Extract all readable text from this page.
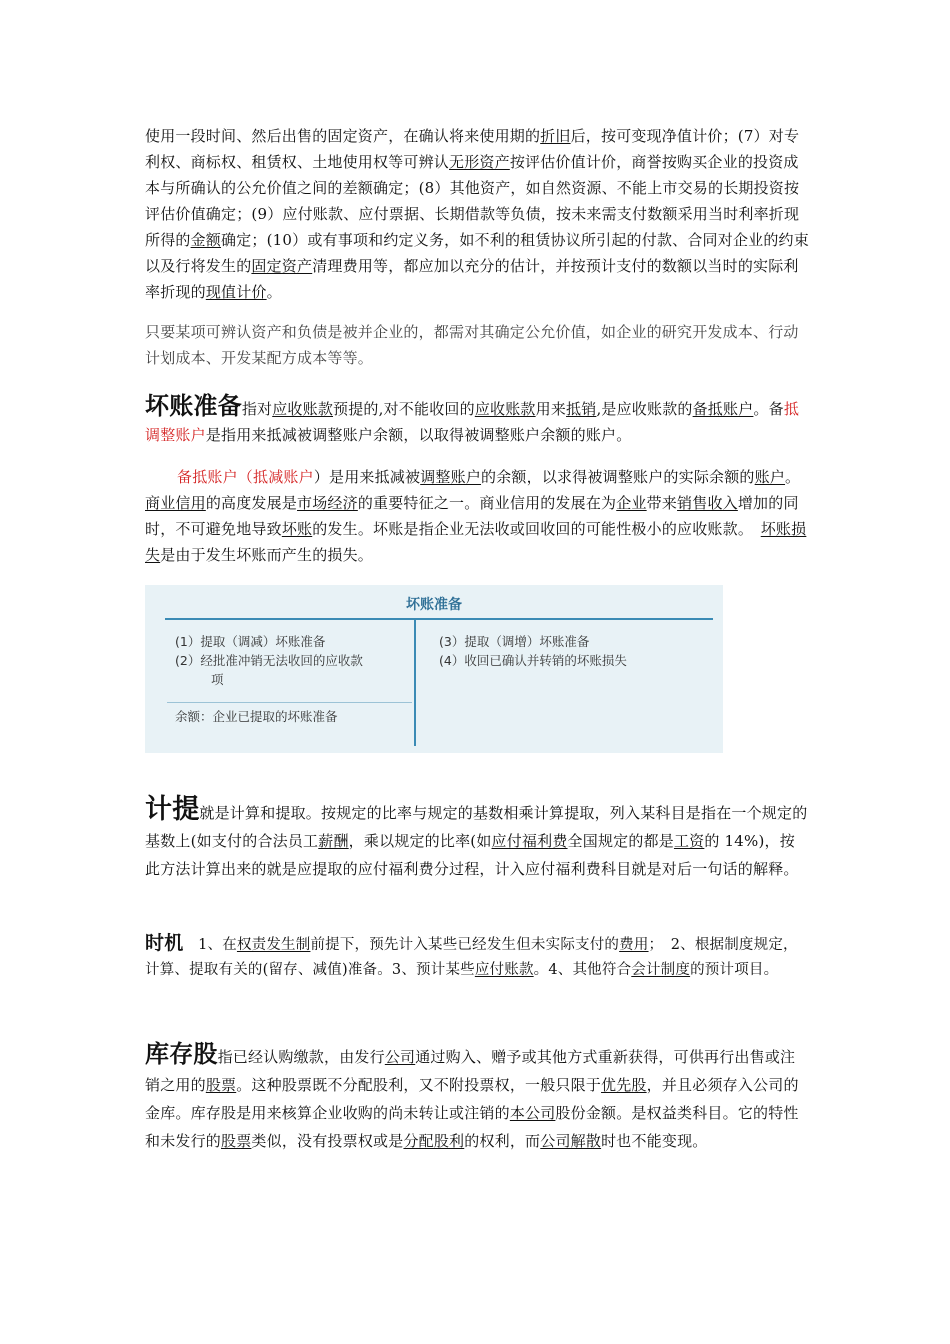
使用一段时间、然后出售的固定资产，在确认将来使用期的折旧后，按可变现净值计价；(7）对专利权、商标权、租赁权、土地使用权等可辨认无形资产按评估价值计价，商誉按购买企业的投资成本与所确认的公允价值之间的差额确定；(8）其他资产，如自然资源、不能上市交易的长期投资按评估价值确定；(9）应付账款、应付票据、长期借款等负债，按未来需支付数额采用当时利率折现所得的金额确定；(10）或有事项和约定义务，如不利的租赁协议所引起的付款、合同对企业的约束以及行将发生的固定资产清理费用等，都应加以充分的估计，并按预计支付的数额以当时的实际利率折现的现值计价。

只要某项可辨认资产和负债是被并企业的，都需对其确定公允价值，如企业的研究开发成本、行动计划成本、开发某配方成本等等。

坏账准备指对应收账款预提的,对不能收回的应收账款用来抵销,是应收账款的备抵账户。备抵调整账户是指用来抵减被调整账户余额，以取得被调整账户余额的账户。

备抵账户（抵减账户）是用来抵减被调整账户的余额，以求得被调整账户的实际余额的账户。　　商业信用的高度发展是市场经济的重要特征之一。商业信用的发展在为企业带来销售收入增加的同时，不可避免地导致坏账的发生。坏账是指企业无法收或回收回的可能性极小的应收账款。　坏账损失是由于发生坏账而产生的损失。

坏账准备
(1）提取（调减）坏账准备
(2）经批准冲销无法收回的应收款
项
(3）提取（调增）坏账准备
(4）收回已确认并转销的坏账损失
余额：企业已提取的坏账准备

计提就是计算和提取。按规定的比率与规定的基数相乘计算提取，列入某科目是指在一个规定的基数上(如支付的合法员工薪酬，乘以规定的比率(如应付福利费全国规定的都是工资的 14%)，按此方法计算出来的就是应提取的应付福利费分过程，计入应付福利费科目就是对后一句话的解释。

时机　 1、在权责发生制前提下，预先计入某些已经发生但未实际支付的费用；　2、根据制度规定，计算、提取有关的(留存、减值)准备。3、预计某些应付账款。4、其他符合会计制度的预计项目。

库存股指已经认购缴款，由发行公司通过购入、赠予或其他方式重新获得，可供再行出售或注销之用的股票。这种股票既不分配股利，又不附投票权，一般只限于优先股，并且必须存入公司的金库。库存股是用来核算企业收购的尚未转让或注销的本公司股份金额。是权益类科目。它的特性和未发行的股票类似，没有投票权或是分配股利的权利，而公司解散时也不能变现。
